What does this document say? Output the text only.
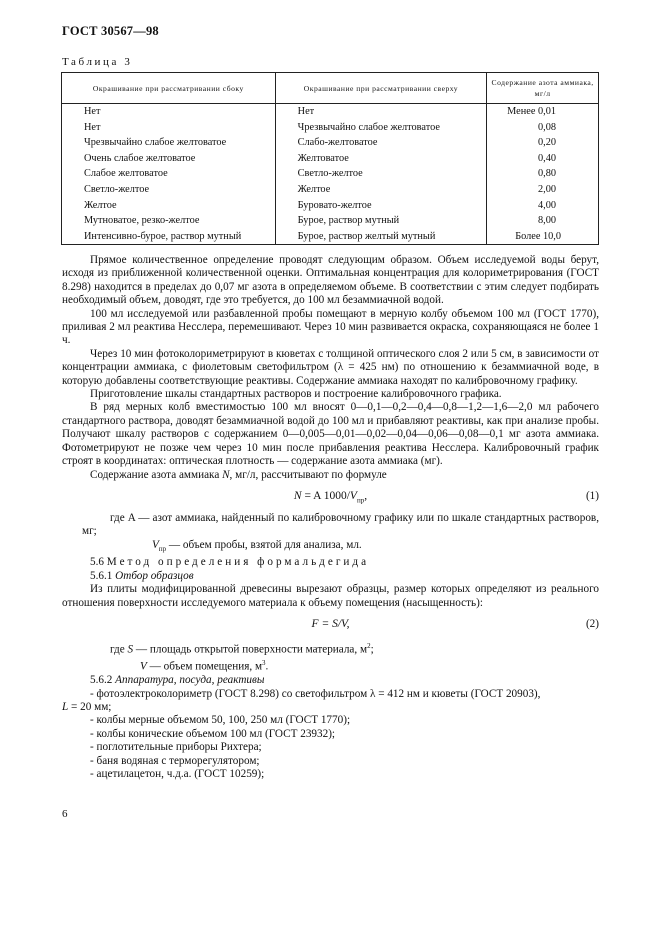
ГОСТ 30567—98
Таблица 3
Окрашивание при рассматривании сбоку	Окрашивание при рассматривании сверху	Содержание азота аммиака, мг/л
Нет	Нет	Менее 0,01
Нет	Чрезвычайно слабое желтоватое	0,08
Чрезвычайно слабое желтоватое	Слабо-желтоватое	0,20
Очень слабое желтоватое	Желтоватое	0,40
Слабое желтоватое	Светло-желтое	0,80
Светло-желтое	Желтое	2,00
Желтое	Буровато-желтое	4,00
Мутноватое, резко-желтое	Бурое, раствор мутный	8,00
Интенсивно-бурое, раствор мутный	Бурое, раствор желтый мутный	Более 10,0

Прямое количественное определение проводят следующим образом. Объем исследуемой воды берут, исходя из приближенной количественной оценки. Оптимальная концентрация для колориметрирования (ГОСТ 8.298) находится в пределах до 0,07 мг азота в определяемом объеме. В соответствии с этим следует подбирать необходимый объем, доводят, где это требуется, до 100 мл безаммиачной водой.

100 мл исследуемой или разбавленной пробы помещают в мерную колбу объемом 100 мл (ГОСТ 1770), приливая 2 мл реактива Несслера, перемешивают. Через 10 мин развивается окраска, сохраняющаяся не более 1 ч.

Через 10 мин фотоколориметрируют в кюветах с толщиной оптического слоя 2 или 5 см, в зависимости от концентрации аммиака, с фиолетовым светофильтром (λ = 425 нм) по отношению к безаммиачной воде, в которую добавлены соответствующие реактивы. Содержание аммиака находят по калибровочному графику.

Приготовление шкалы стандартных растворов и построение калибровочного графика.

В ряд мерных колб вместимостью 100 мл вносят 0—0,1—0,2—0,4—0,8—1,2—1,6—2,0 мл рабочего стандартного раствора, доводят безаммиачной водой до 100 мл и прибавляют реактивы, как при анализе пробы. Получают шкалу растворов с содержанием 0—0,005—0,01—0,02—0,04—0,06—0,08—0,1 мг азота аммиака. Фотометрируют не позже чем через 10 мин после прибавления реактива Несслера. Калибровочный график строят в координатах: оптическая плотность — содержание азота аммиака (мг).

Содержание азота аммиака N, мг/л, рассчитывают по формуле

N = A $1000/V_{пр}$,	(1)

где A — азот аммиака, найденный по калибровочному графику или по шкале стандартных растворов, мг;

$V_{пр}$ — объем пробы, взятой для анализа, мл.

5.6 Метод определения формальдегида

5.6.1 Отбор образцов

Из плиты модифицированной древесины вырезают образцы, размер которых определяют из реального отношения поверхности исследуемого материала к объему помещения (насыщенность):

F = S/V,	(2)

где S — площадь открытой поверхности материала, $м^2$;

V — объем помещения, $м^3$.

5.6.2 Аппаратура, посуда, реактивы

- фотоэлектроколориметр (ГОСТ 8.298) со светофильтром λ = 412 нм и кюветы (ГОСТ 20903),

L = 20 мм;

- колбы мерные объемом 50, 100, 250 мл (ГОСТ 1770);

- колбы конические объемом 100 мл (ГОСТ 23932);

- поглотительные приборы Рихтера;

- баня водяная с терморегулятором;

- ацетилацетон, ч.д.а. (ГОСТ 10259);

6
